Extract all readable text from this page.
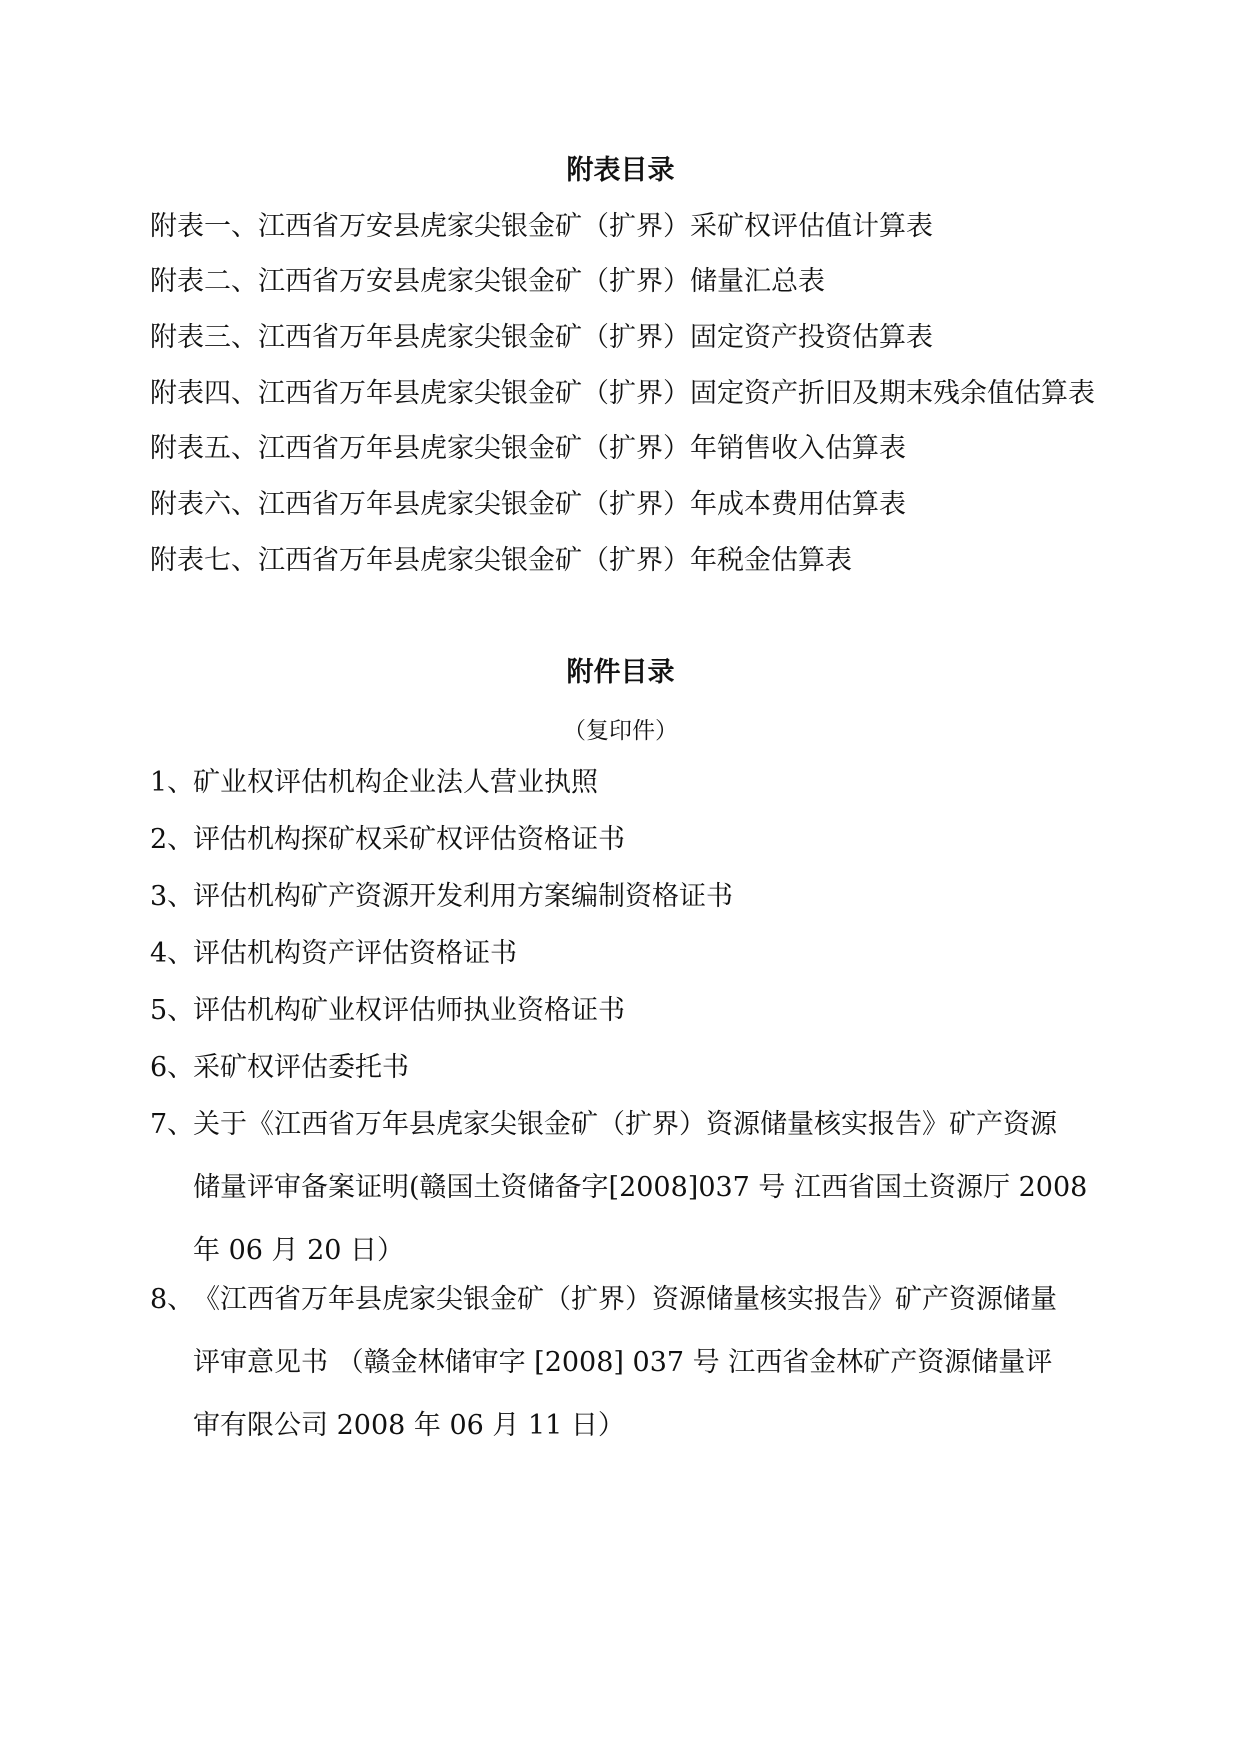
附表目录
附表一、江西省万安县虎家尖银金矿（扩界）采矿权评估值计算表
附表二、江西省万安县虎家尖银金矿（扩界）储量汇总表
附表三、江西省万年县虎家尖银金矿（扩界）固定资产投资估算表
附表四、江西省万年县虎家尖银金矿（扩界）固定资产折旧及期末残余值估算表
附表五、江西省万年县虎家尖银金矿（扩界）年销售收入估算表
附表六、江西省万年县虎家尖银金矿（扩界）年成本费用估算表
附表七、江西省万年县虎家尖银金矿（扩界）年税金估算表
附件目录
（复印件）
1、
矿业权评估机构企业法人营业执照
2、
评估机构探矿权采矿权评估资格证书
3、
评估机构矿产资源开发利用方案编制资格证书
4、
评估机构资产评估资格证书
5、
评估机构矿业权评估师执业资格证书
6、
采矿权评估委托书
7、
关于《江西省万年县虎家尖银金矿（扩界）资源储量核实报告》矿产资源
储量评审备案证明(赣国土资储备字[2008]037 号 江西省国土资源厅 2008
年 06 月 20 日）
8、
《江西省万年县虎家尖银金矿（扩界）资源储量核实报告》矿产资源储量
评审意见书 （赣金林储审字 [2008] 037 号 江西省金林矿产资源储量评
审有限公司 2008 年 06 月 11 日）
